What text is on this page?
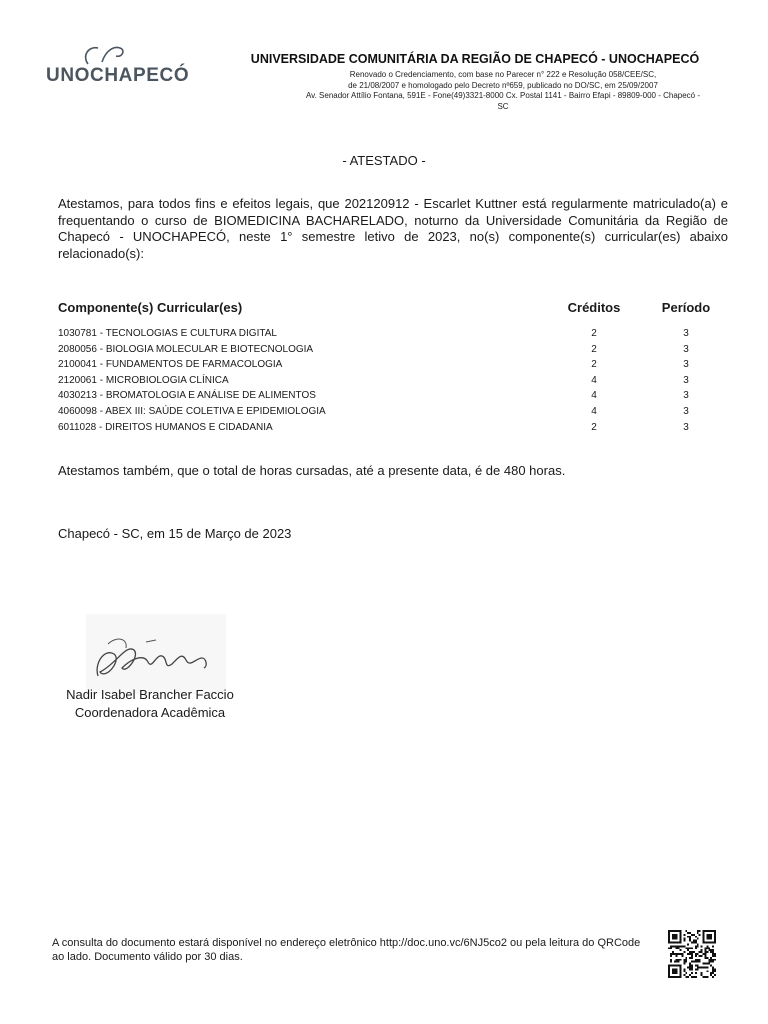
UNOCHAPECÓ
UNIVERSIDADE COMUNITÁRIA DA REGIÃO DE CHAPECÓ - UNOCHAPECÓ
Renovado o Credenciamento, com base no Parecer n° 222 e Resolução 058/CEE/SC,
de 21/08/2007 e homologado pelo Decreto nº659, publicado no DO/SC, em 25/09/2007
Av. Senador Attílio Fontana, 591E - Fone(49)3321-8000 Cx. Postal 1141 - Bairro Efapi - 89809-000 - Chapecó -
SC
- ATESTADO -
Atestamos, para todos fins e efeitos legais, que 202120912 - Escarlet Kuttner está regularmente matriculado(a) e frequentando o curso de BIOMEDICINA BACHARELADO, noturno da Universidade Comunitária da Região de Chapecó - UNOCHAPECÓ, neste 1° semestre letivo de 2023, no(s) componente(s) curricular(es) abaixo relacionado(s):
Componente(s) Curricular(es)	Créditos	Período
1030781 - TECNOLOGIAS E CULTURA DIGITAL	2	3
2080056 - BIOLOGIA MOLECULAR E BIOTECNOLOGIA	2	3
2100041 - FUNDAMENTOS DE FARMACOLOGIA	2	3
2120061 - MICROBIOLOGIA CLÍNICA	4	3
4030213 - BROMATOLOGIA E ANÁLISE DE ALIMENTOS	4	3
4060098 - ABEX III: SAÚDE COLETIVA E EPIDEMIOLOGIA	4	3
6011028 - DIREITOS HUMANOS E CIDADANIA	2	3
Atestamos também, que o total de horas cursadas, até a presente data, é de 480 horas.
Chapecó - SC, em 15 de Março de 2023
Nadir Isabel Brancher Faccio
Coordenadora Acadêmica
A consulta do documento estará disponível no endereço eletrônico http://doc.uno.vc/6NJ5co2 ou pela leitura do QRCode ao lado. Documento válido por 30 dias.
